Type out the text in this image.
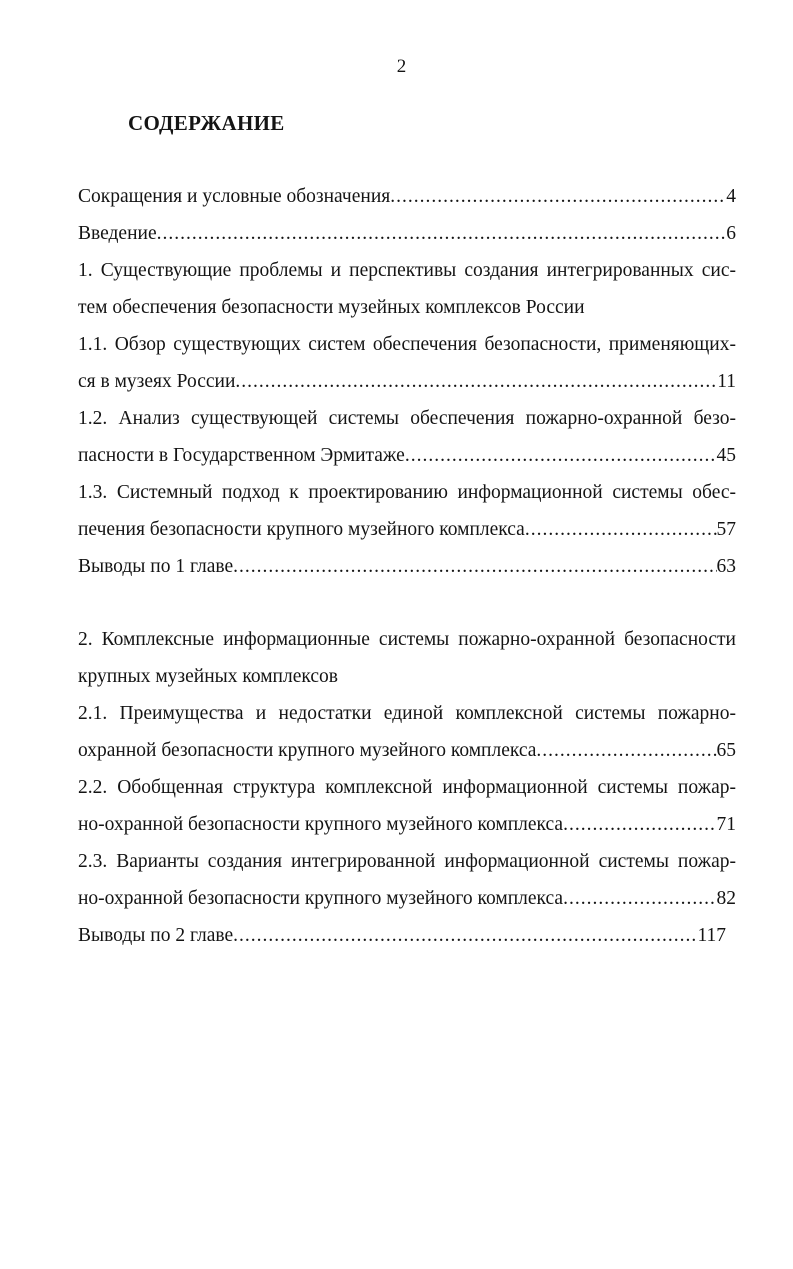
2
СОДЕРЖАНИЕ
Сокращения и условные обозначения .....	4
Введение .....	6
1. Существующие проблемы и перспективы создания интегрированных сис-
тем обеспечения безопасности музейных комплексов России
1.1. Обзор существующих систем обеспечения безопасности, применяющих-
ся в музеях России .....	11
1.2. Анализ существующей системы обеспечения пожарно-охранной безо-
пасности в Государственном Эрмитаже .....	45
1.3. Системный подход к проектированию информационной системы обес-
печения безопасности крупного музейного комплекса .....	57
Выводы по 1 главе .....	63
2. Комплексные информационные системы пожарно-охранной безопасности
крупных музейных комплексов
2.1. Преимущества и недостатки единой комплексной системы пожарно-
охранной безопасности крупного музейного комплекса .....	65
2.2. Обобщенная структура комплексной информационной системы пожар-
но-охранной безопасности крупного музейного комплекса .....	71
2.3. Варианты создания интегрированной информационной системы пожар-
но-охранной безопасности крупного музейного комплекса .....	82
Выводы по 2 главе .....	117
